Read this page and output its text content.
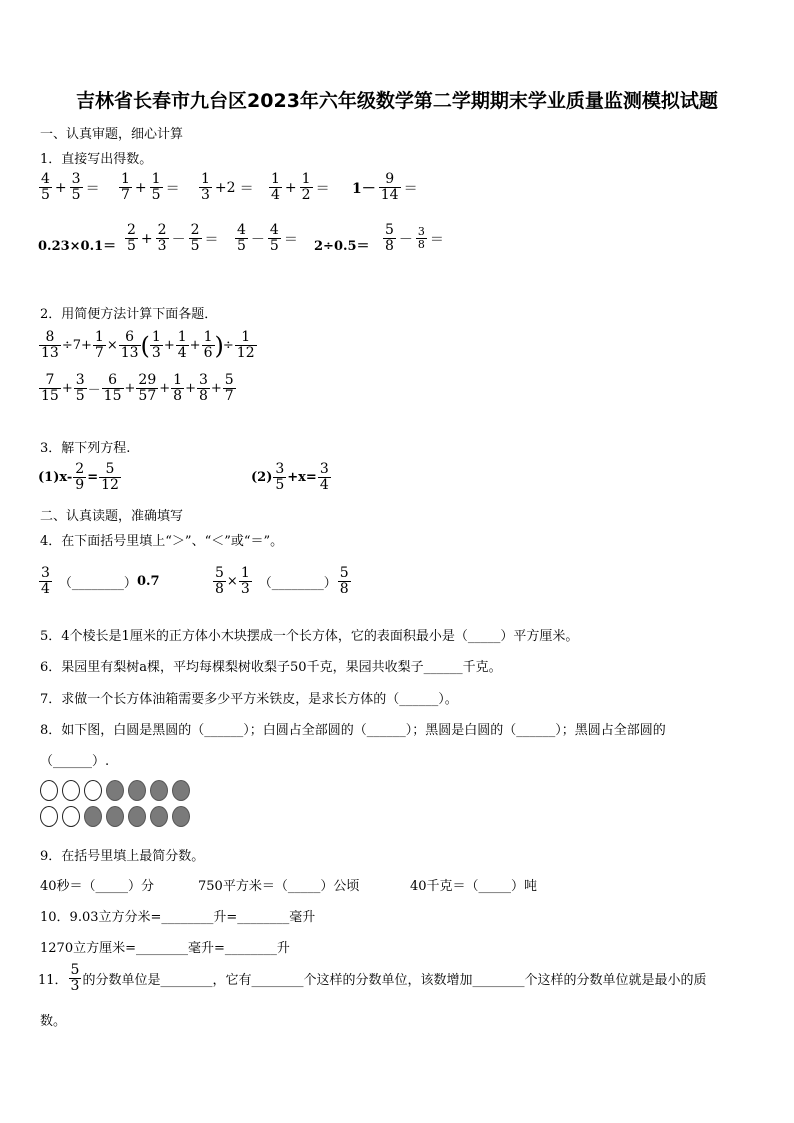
吉林省长春市九台区2023年六年级数学第二学期期末学业质量监测模拟试题
一、认真审题，细心计算
1．直接写出得数。
$\frac{4}{5} + \frac{3}{5} = \frac{1}{7} + \frac{1}{5} = \frac{1}{3} +2 = \frac{1}{4} + \frac{1}{2} = 1- \frac{9}{14}$ ＝
$0.23\times 0.1= \frac{2}{5} + \frac{2}{3} - \frac{2}{5} = \frac{4}{5} - \frac{4}{5} = 2\div 0.5= \frac{5}{8} - \frac{3}{8}$ ＝
2．用简便方法计算下面各题．
$\frac{8}{13} \div 7+ \frac{1}{7} \times \frac{6}{13}$ ( $\frac{1}{3} + \frac{1}{4} + \frac{1}{6}$ ) ÷ $\frac{1}{12}$
$\frac{7}{15} + \frac{3}{5} - \frac{6}{15} + \frac{29}{57} + \frac{1}{8} + \frac{3}{8} + \frac{5}{7}$
3．解下列方程.
$(1)x- \frac{2}{9} = \frac{5}{12}$	$(2) \frac{3}{5} +x= \frac{3}{4}$
二、认真读题，准确填写
4．在下面括号里填上“＞”、“＜”或“＝”。
$\frac{3}{4}$ （________） 0.7	$\frac{5}{8} \times \frac{1}{3}$ （________） $\frac{5}{8}$
5．4个棱长是1厘米的正方体小木块摆成一个长方体，它的表面积最小是（_____）平方厘米。
6．果园里有梨树a棵，平均每棵梨树收梨子50千克，果园共收梨子______千克。
7．求做一个长方体油箱需要多少平方米铁皮，是求长方体的（______）。
8．如下图，白圆是黑圆的（______）；白圆占全部圆的（______）；黑圆是白圆的（______）；黑圆占全部圆的
（______）.
9．在括号里填上最简分数。
40秒＝（_____）分	750平方米＝（_____）公顷	40千克＝（_____）吨
10．9.03立方分米=________升=________毫升
1270立方厘米=________毫升=________升
11． $\frac{5}{3}$ 的分数单位是________，它有________个这样的分数单位，该数增加________个这样的分数单位就是最小的质
数。
